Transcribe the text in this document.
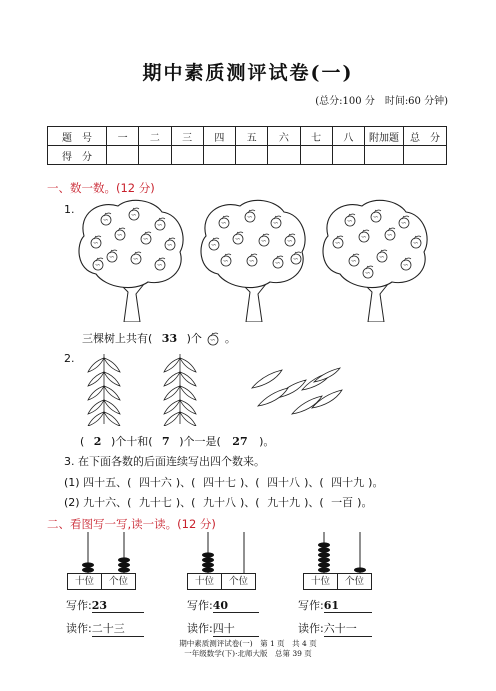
期中素质测评试卷(一)
(总分:100 分　时间:60 分钟)
题　号	一	二	三	四	五	六	七	八	附加题	总　分
得　分										
一、数一数。(12 分)
1.
三棵树上共有( 33 )个 。
2.
( 2 )个十和( 7 )个一是( 27 )。
3. 在下面各数的后面连续写出四个数来。
(1) 四十五、( 四十六 )、( 四十七 )、( 四十八 )、( 四十九 )。
(2) 九十六、( 九十七 )、( 九十八 )、( 九十九 )、( 一百 )。
二、看图写一写,读一读。(12 分)
十位	个位
写作:23
读作:二十三
十位	个位
写作:40
读作:四十
十位	个位
写作:61
读作:六十一
期中素质测评试卷(一)　第 1 页　共 4 页
一年级数学(下)·北师大版　总第 39 页
